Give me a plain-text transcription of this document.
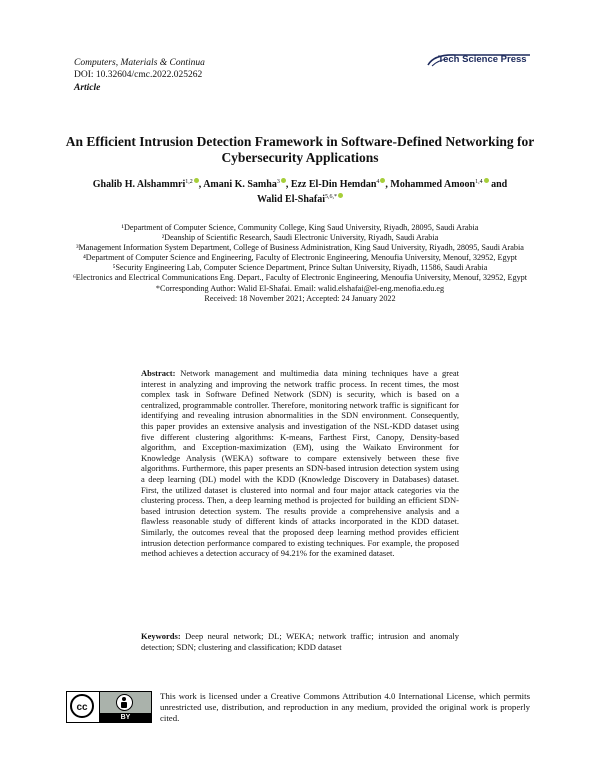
Computers, Materials & Continua
DOI: 10.32604/cmc.2022.025262
Article
Tech Science Press
An Efficient Intrusion Detection Framework in Software-Defined Networking for Cybersecurity Applications
Ghalib H. Alshammri$^{1,2}$ , Amani K. Samha$^3$ , Ezz El-Din Hemdan$^4$ , Mohammed Amoon$^{1,4}$ and
Walid El-Shafai$^{5,6,*}$
¹Department of Computer Science, Community College, King Saud University, Riyadh, 28095, Saudi Arabia
²Deanship of Scientific Research, Saudi Electronic University, Riyadh, Saudi Arabia
³Management Information System Department, College of Business Administration, King Saud University, Riyadh, 28095, Saudi Arabia
⁴Department of Computer Science and Engineering, Faculty of Electronic Engineering, Menoufia University, Menouf, 32952, Egypt
⁵Security Engineering Lab, Computer Science Department, Prince Sultan University, Riyadh, 11586, Saudi Arabia
⁶Electronics and Electrical Communications Eng. Depart., Faculty of Electronic Engineering, Menoufia University, Menouf, 32952, Egypt
*Corresponding Author: Walid El-Shafai. Email: walid.elshafai@el-eng.menofia.edu.eg
Received: 18 November 2021; Accepted: 24 January 2022
Abstract: Network management and multimedia data mining techniques have a great interest in analyzing and improving the network traffic process. In recent times, the most complex task in Software Defined Network (SDN) is security, which is based on a centralized, programmable controller. Therefore, monitoring network traffic is significant for identifying and revealing intrusion abnormalities in the SDN environment. Consequently, this paper provides an extensive analysis and investigation of the NSL-KDD dataset using five different clustering algorithms: K-means, Farthest First, Canopy, Density-based algorithm, and Exception-maximization (EM), using the Waikato Environment for Knowledge Analysis (WEKA) software to compare extensively between these five algorithms. Furthermore, this paper presents an SDN-based intrusion detection system using a deep learning (DL) model with the KDD (Knowledge Discovery in Databases) dataset. First, the utilized dataset is clustered into normal and four major attack categories via the clustering process. Then, a deep learning method is projected for building an efficient SDN-based intrusion detection system. The results provide a comprehensive analysis and a flawless reasonable study of different kinds of attacks incorporated in the KDD dataset. Similarly, the outcomes reveal that the proposed deep learning method provides efficient intrusion detection performance compared to existing techniques. For example, the proposed method achieves a detection accuracy of 94.21% for the examined dataset.
Keywords: Deep neural network; DL; WEKA; network traffic; intrusion and anomaly detection; SDN; clustering and classification; KDD dataset
cc
BY
This work is licensed under a Creative Commons Attribution 4.0 International License, which permits unrestricted use, distribution, and reproduction in any medium, provided the original work is properly cited.
